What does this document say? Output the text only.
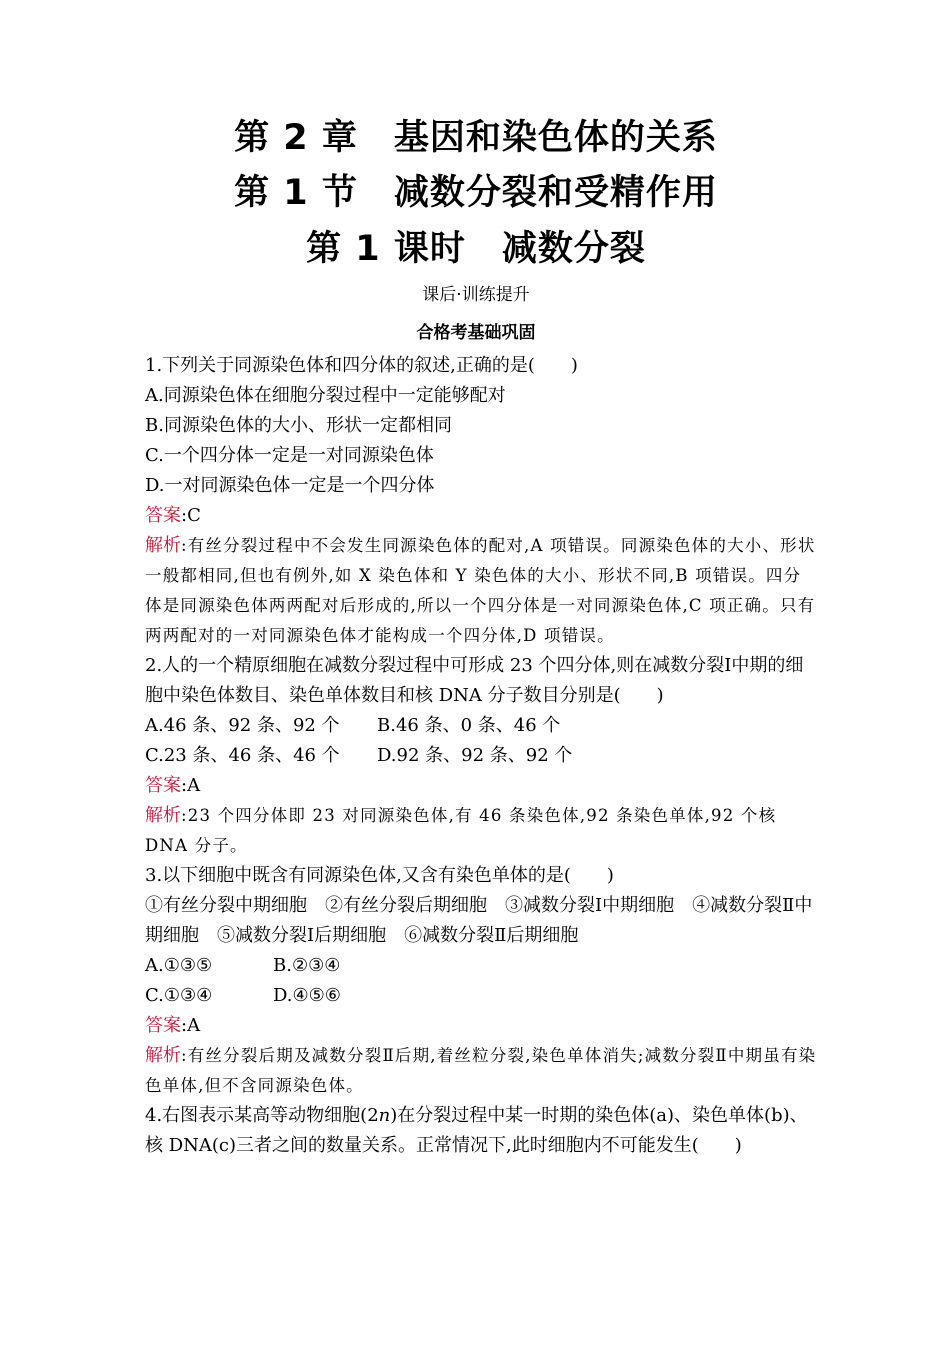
第 2 章　基因和染色体的关系
第 1 节　减数分裂和受精作用
第 1 课时　减数分裂
课后·训练提升
合格考基础巩固
1.下列关于同源染色体和四分体的叙述,正确的是(　　)
A.同源染色体在细胞分裂过程中一定能够配对
B.同源染色体的大小、形状一定都相同
C.一个四分体一定是一对同源染色体
D.一对同源染色体一定是一个四分体
答案:C
解析:有丝分裂过程中不会发生同源染色体的配对,A 项错误。同源染色体的大小、形状一般都相同,但也有例外,如 X 染色体和 Y 染色体的大小、形状不同,B 项错误。四分体是同源染色体两两配对后形成的,所以一个四分体是一对同源染色体,C 项正确。只有两两配对的一对同源染色体才能构成一个四分体,D 项错误。
2.人的一个精原细胞在减数分裂过程中可形成 23 个四分体,则在减数分裂Ⅰ中期的细胞中染色体数目、染色单体数目和核 DNA 分子数目分别是(　　)
A.46 条、92 条、92 个	B.46 条、0 条、46 个
C.23 条、46 条、46 个	D.92 条、92 条、92 个
答案:A
解析:23 个四分体即 23 对同源染色体,有 46 条染色体,92 条染色单体,92 个核 DNA 分子。
3.以下细胞中既含有同源染色体,又含有染色单体的是(　　)
①有丝分裂中期细胞　②有丝分裂后期细胞　③减数分裂Ⅰ中期细胞　④减数分裂Ⅱ中期细胞　⑤减数分裂Ⅰ后期细胞　⑥减数分裂Ⅱ后期细胞
A.①③⑤	B.②③④
C.①③④	D.④⑤⑥
答案:A
解析:有丝分裂后期及减数分裂Ⅱ后期,着丝粒分裂,染色单体消失;减数分裂Ⅱ中期虽有染色单体,但不含同源染色体。
4.右图表示某高等动物细胞(2n)在分裂过程中某一时期的染色体(a)、染色单体(b)、核 DNA(c)三者之间的数量关系。正常情况下,此时细胞内不可能发生(　　)
